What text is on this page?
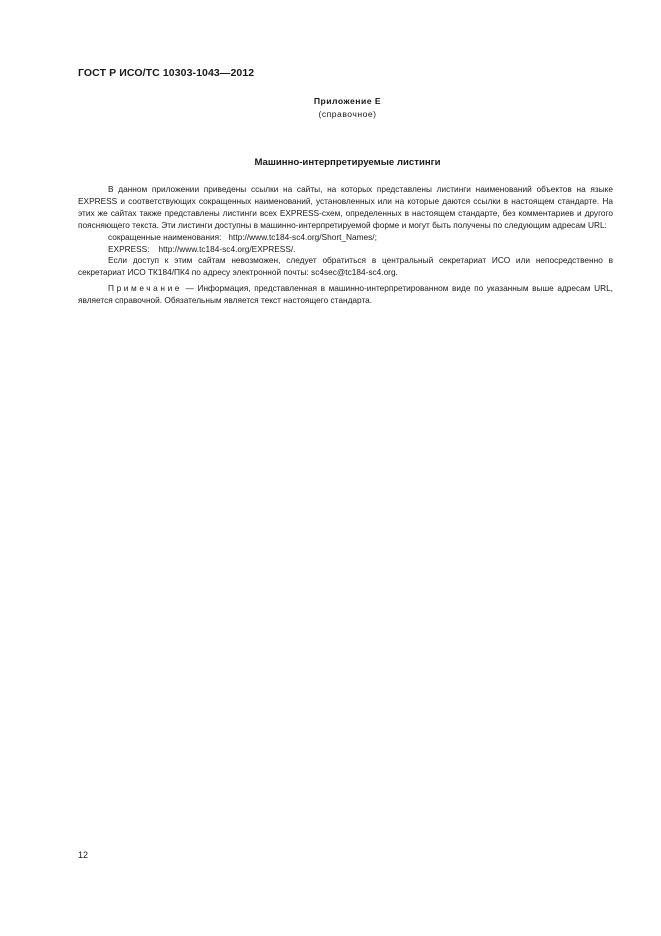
ГОСТ Р ИСО/ТС 10303-1043—2012
Приложение Е
(справочное)
Машинно-интерпретируемые листинги

В данном приложении приведены ссылки на сайты, на которых представлены листинги наименований объектов на языке EXPRESS и соответствующих сокращенных наименований, установленных или на которые даются ссылки в настоящем стандарте. На этих же сайтах также представлены листинги всех EXPRESS-схем, определенных в настоящем стандарте, без комментариев и другого поясняющего текста. Эти листинги доступны в машинно-интерпретируемой форме и могут быть получены по следующим адресам URL:

сокращенные наименования: http://www.tc184-sc4.org/Short_Names/;

EXPRESS: http://www.tc184-sc4.org/EXPRESS/.

Если доступ к этим сайтам невозможен, следует обратиться в центральный секретариат ИСО или непосредственно в секретариат ИСО ТК184/ПК4 по адресу электронной почты: sc4sec@tc184-sc4.org.

Примечание — Информация, представленная в машинно-интерпретированном виде по указанным выше адресам URL, является справочной. Обязательным является текст настоящего стандарта.

12
